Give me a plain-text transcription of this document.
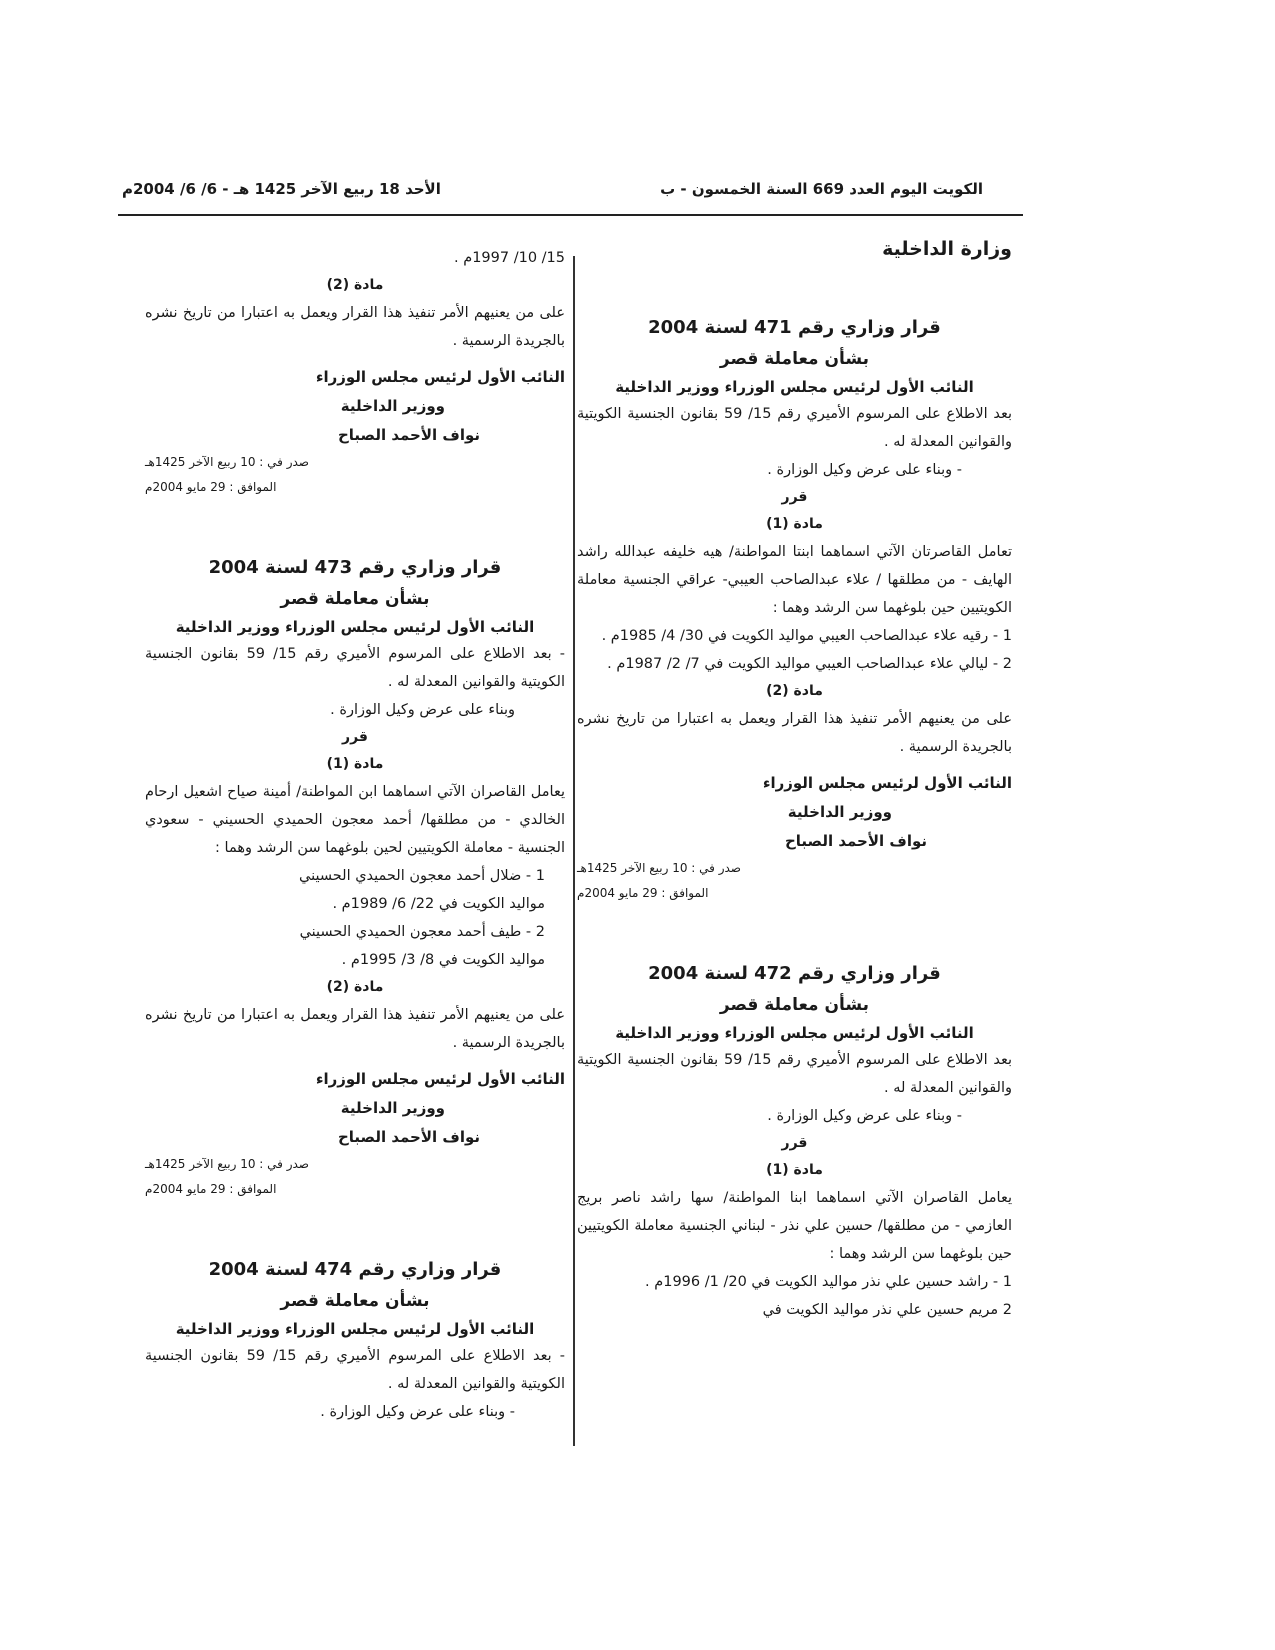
الكويت اليوم العدد 669 السنة الخمسون - ب
الأحد 18 ربيع الآخر 1425 هـ - 6/ 6/ 2004م

وزارة الداخلية

قرار وزاري رقم 471 لسنة 2004

بشأن معاملة قصر

النائب الأول لرئيس مجلس الوزراء ووزير الداخلية

بعد الاطلاع على المرسوم الأميري رقم 15/ 59 بقانون الجنسية الكويتية والقوانين المعدلة له .

- وبناء على عرض وكيل الوزارة .

قرر

مادة (1)

تعامل القاصرتان الآتي اسماهما ابنتا المواطنة/ هيه خليفه عبدالله راشد الهايف - من مطلقها / علاء عبدالصاحب العيبي- عراقي الجنسية معاملة الكويتيين حين بلوغهما سن الرشد وهما :

1 - رقيه علاء عبدالصاحب العيبي مواليد الكويت في 30/ 4/ 1985م .

2 - ليالي علاء عبدالصاحب العيبي مواليد الكويت في 7/ 2/ 1987م .

مادة (2)

على من يعنيهم الأمر تنفيذ هذا القرار ويعمل به اعتبارا من تاريخ نشره بالجريدة الرسمية .

النائب الأول لرئيس مجلس الوزراء

ووزير الداخلية

نواف الأحمد الصباح

صدر في : 10 ربيع الآخر 1425هـ

الموافق : 29 مايو 2004م

قرار وزاري رقم 472 لسنة 2004

بشأن معاملة قصر

النائب الأول لرئيس مجلس الوزراء ووزير الداخلية

بعد الاطلاع على المرسوم الأميري رقم 15/ 59 بقانون الجنسية الكويتية والقوانين المعدلة له .

- وبناء على عرض وكيل الوزارة .

قرر

مادة (1)

يعامل القاصران الآتي اسماهما ابنا المواطنة/ سها راشد ناصر بريج العازمي - من مطلقها/ حسين علي نذر - لبناني الجنسية معاملة الكويتيين حين بلوغهما سن الرشد وهما :

1 - راشد حسين علي نذر مواليد الكويت في 20/ 1/ 1996م .

2 مريم حسين علي نذر مواليد الكويت في

15/ 10/ 1997م .

مادة (2)

على من يعنيهم الأمر تنفيذ هذا القرار ويعمل به اعتبارا من تاريخ نشره بالجريدة الرسمية .

النائب الأول لرئيس مجلس الوزراء

ووزير الداخلية

نواف الأحمد الصباح

صدر في : 10 ربيع الآخر 1425هـ

الموافق : 29 مايو 2004م

قرار وزاري رقم 473 لسنة 2004

بشأن معاملة قصر

النائب الأول لرئيس مجلس الوزراء ووزير الداخلية

- بعد الاطلاع على المرسوم الأميري رقم 15/ 59 بقانون الجنسية الكويتية والقوانين المعدلة له .

وبناء على عرض وكيل الوزارة .

قرر

مادة (1)

يعامل القاصران الآتي اسماهما ابن المواطنة/ أمينة صياح اشعيل ارحام الخالدي - من مطلقها/ أحمد معجون الحميدي الحسيني - سعودي الجنسية - معاملة الكويتيين لحين بلوغهما سن الرشد وهما :

1 - ضلال أحمد معجون الحميدي الحسيني

مواليد الكويت في 22/ 6/ 1989م .

2 - طيف أحمد معجون الحميدي الحسيني

مواليد الكويت في 8/ 3/ 1995م .

مادة (2)

على من يعنيهم الأمر تنفيذ هذا القرار ويعمل به اعتبارا من تاريخ نشره بالجريدة الرسمية .

النائب الأول لرئيس مجلس الوزراء

ووزير الداخلية

نواف الأحمد الصباح

صدر في : 10 ربيع الآخر 1425هـ

الموافق : 29 مايو 2004م

قرار وزاري رقم 474 لسنة 2004

بشأن معاملة قصر

النائب الأول لرئيس مجلس الوزراء ووزير الداخلية

- بعد الاطلاع على المرسوم الأميري رقم 15/ 59 بقانون الجنسية الكويتية والقوانين المعدلة له .

- وبناء على عرض وكيل الوزارة .
